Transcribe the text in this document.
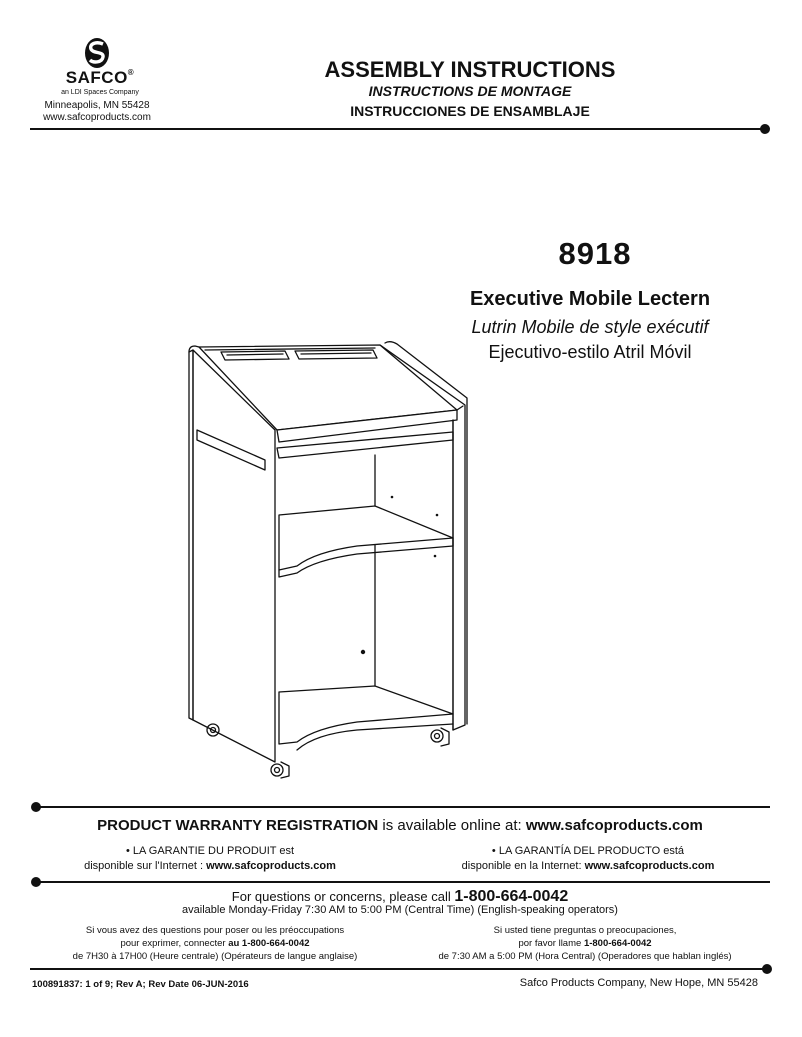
SAFCO®
an LDI Spaces Company
Minneapolis, MN 55428
www.safcoproducts.com
ASSEMBLY INSTRUCTIONS
INSTRUCTIONS DE MONTAGE
INSTRUCCIONES DE ENSAMBLAJE
8918
Executive Mobile Lectern
Lutrin Mobile de style exécutif
Ejecutivo-estilo Atril Móvil
PRODUCT WARRANTY REGISTRATION is available online at: www.safcoproducts.com
• LA GARANTIE DU PRODUIT est
disponible sur l'Internet : www.safcoproducts.com
• LA GARANTÍA DEL PRODUCTO está
disponible en la Internet: www.safcoproducts.com
For questions or concerns, please call 1-800-664-0042
available Monday-Friday 7:30 AM to 5:00 PM (Central Time) (English-speaking operators)
Si vous avez des questions pour poser ou les préoccupations
pour exprimer, connecter au 1-800-664-0042
de 7H30 à 17H00 (Heure centrale) (Opérateurs de langue anglaise)
Si usted tiene preguntas o preocupaciones,
por favor llame 1-800-664-0042
de 7:30 AM a 5:00 PM (Hora Central) (Operadores que hablan inglés)
100891837: 1 of 9; Rev A; Rev Date 06-JUN-2016	Safco Products Company, New Hope, MN 55428
